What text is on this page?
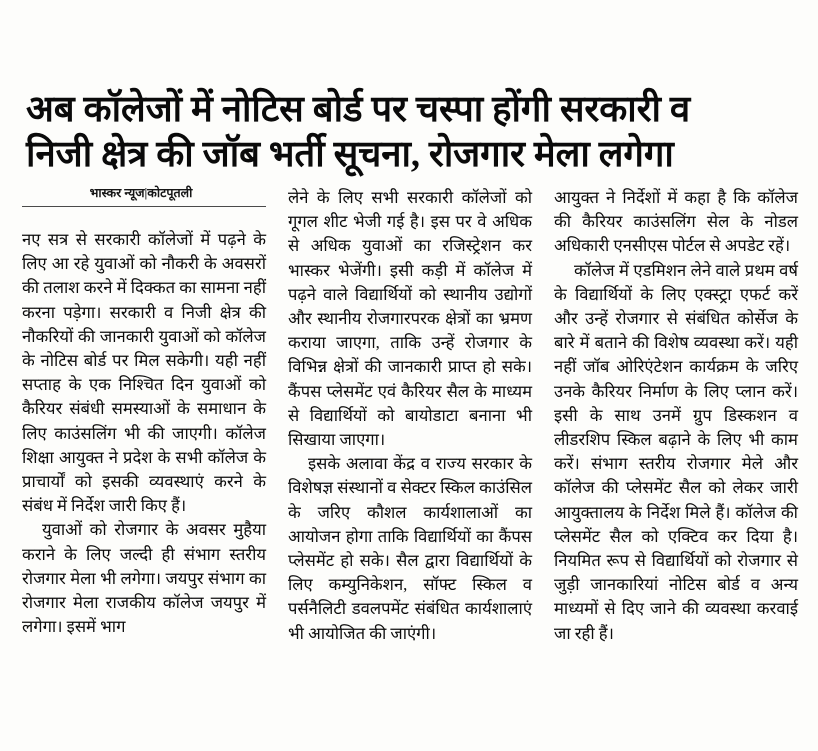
अब कॉलेजों में नोटिस बोर्ड पर चस्पा होंगी सरकारी व
निजी क्षेत्र की जॉब भर्ती सूचना, रोजगार मेला लगेगा
भास्कर न्यूज|कोटपूतली

नए सत्र से सरकारी कॉलेजों में पढ़ने के लिए आ रहे युवाओं को नौकरी के अवसरों की तलाश करने में दिक्कत का सामना नहीं करना पड़ेगा। सरकारी व निजी क्षेत्र की नौकरियों की जानकारी युवाओं को कॉलेज के नोटिस बोर्ड पर मिल सकेगी। यही नहीं सप्ताह के एक निश्चित दिन युवाओं को कैरियर संबंधी समस्याओं के समाधान के लिए काउंसलिंग भी की जाएगी। कॉलेज शिक्षा आयुक्त ने प्रदेश के सभी कॉलेज के प्राचार्यों को इसकी व्यवस्थाएं करने के संबंध में निर्देश जारी किए हैं।

युवाओं को रोजगार के अवसर मुहैया कराने के लिए जल्दी ही संभाग स्तरीय रोजगार मेला भी लगेगा। जयपुर संभाग का रोजगार मेला राजकीय कॉलेज जयपुर में लगेगा। इसमें भाग

लेने के लिए सभी सरकारी कॉलेजों को गूगल शीट भेजी गई है। इस पर वे अधिक से अधिक युवाओं का रजिस्ट्रेशन कर भास्कर भेजेंगी। इसी कड़ी में कॉलेज में पढ़ने वाले विद्यार्थियों को स्थानीय उद्योगों और स्थानीय रोजगारपरक क्षेत्रों का भ्रमण कराया जाएगा, ताकि उन्हें रोजगार के विभिन्न क्षेत्रों की जानकारी प्राप्त हो सके। कैंपस प्लेसमेंट एवं कैरियर सैल के माध्यम से विद्यार्थियों को बायोडाटा बनाना भी सिखाया जाएगा।

इसके अलावा केंद्र व राज्य सरकार के विशेषज्ञ संस्थानों व सेक्टर स्किल काउंसिल के जरिए कौशल कार्यशालाओं का आयोजन होगा ताकि विद्यार्थियों का कैंपस प्लेसमेंट हो सके। सैल द्वारा विद्यार्थियों के लिए कम्युनिकेशन, सॉफ्ट स्किल व पर्सनैलिटी डवलपमेंट संबंधित कार्यशालाएं भी आयोजित की जाएंगी।

आयुक्त ने निर्देशों में कहा है कि कॉलेज की कैरियर काउंसलिंग सेल के नोडल अधिकारी एनसीएस पोर्टल से अपडेट रहें।

कॉलेज में एडमिशन लेने वाले प्रथम वर्ष के विद्यार्थियों के लिए एक्स्ट्रा एफर्ट करें और उन्हें रोजगार से संबंधित कोर्सेज के बारे में बताने की विशेष व्यवस्था करें। यही नहीं जॉब ओरिएंटेशन कार्यक्रम के जरिए उनके कैरियर निर्माण के लिए प्लान करें। इसी के साथ उनमें ग्रुप डिस्कशन व लीडरशिप स्किल बढ़ाने के लिए भी काम करें। संभाग स्तरीय रोजगार मेले और कॉलेज की प्लेसमेंट सैल को लेकर जारी आयुक्तालय के निर्देश मिले हैं। कॉलेज की प्लेसमेंट सैल को एक्टिव कर दिया है। नियमित रूप से विद्यार्थियों को रोजगार से जुड़ी जानकारियां नोटिस बोर्ड व अन्य माध्यमों से दिए जाने की व्यवस्था करवाई जा रही हैं।
